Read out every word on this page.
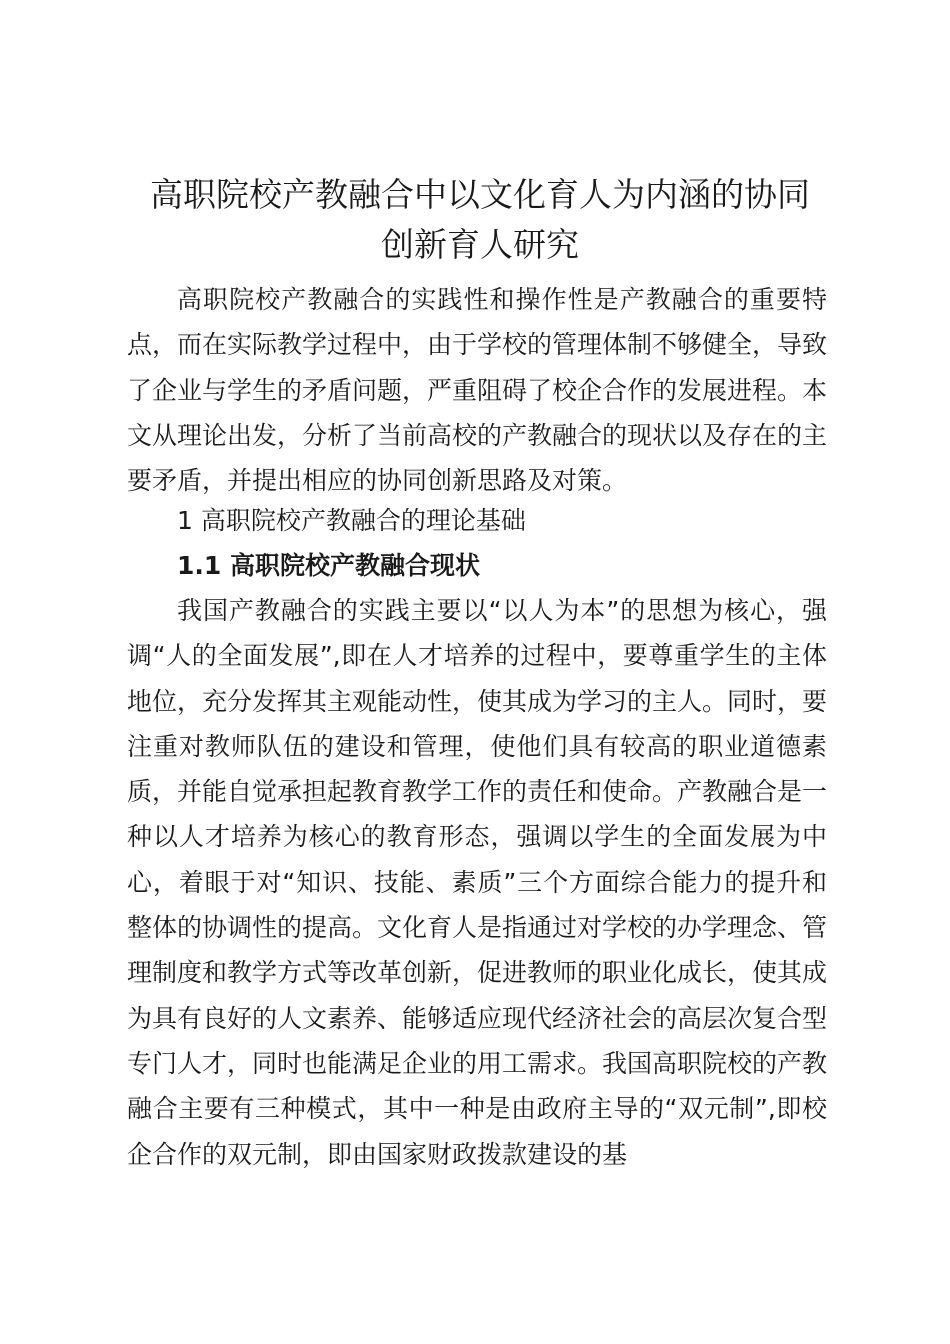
高职院校产教融合中以文化育人为内涵的协同
创新育人研究

高职院校产教融合的实践性和操作性是产教融合的重要特点，而在实际教学过程中，由于学校的管理体制不够健全，导致了企业与学生的矛盾问题，严重阻碍了校企合作的发展进程。本文从理论出发，分析了当前高校的产教融合的现状以及存在的主要矛盾，并提出相应的协同创新思路及对策。

1 高职院校产教融合的理论基础

1.1 高职院校产教融合现状

我国产教融合的实践主要以“以人为本”的思想为核心，强调“人的全面发展”,即在人才培养的过程中，要尊重学生的主体地位，充分发挥其主观能动性，使其成为学习的主人。同时，要注重对教师队伍的建设和管理，使他们具有较高的职业道德素质，并能自觉承担起教育教学工作的责任和使命。产教融合是一种以人才培养为核心的教育形态，强调以学生的全面发展为中心，着眼于对“知识、技能、素质”三个方面综合能力的提升和整体的协调性的提高。文化育人是指通过对学校的办学理念、管理制度和教学方式等改革创新，促进教师的职业化成长，使其成为具有良好的人文素养、能够适应现代经济社会的高层次复合型专门人才，同时也能满足企业的用工需求。我国高职院校的产教融合主要有三种模式，其中一种是由政府主导的“双元制”,即校企合作的双元制，即由国家财政拨款建设的基
